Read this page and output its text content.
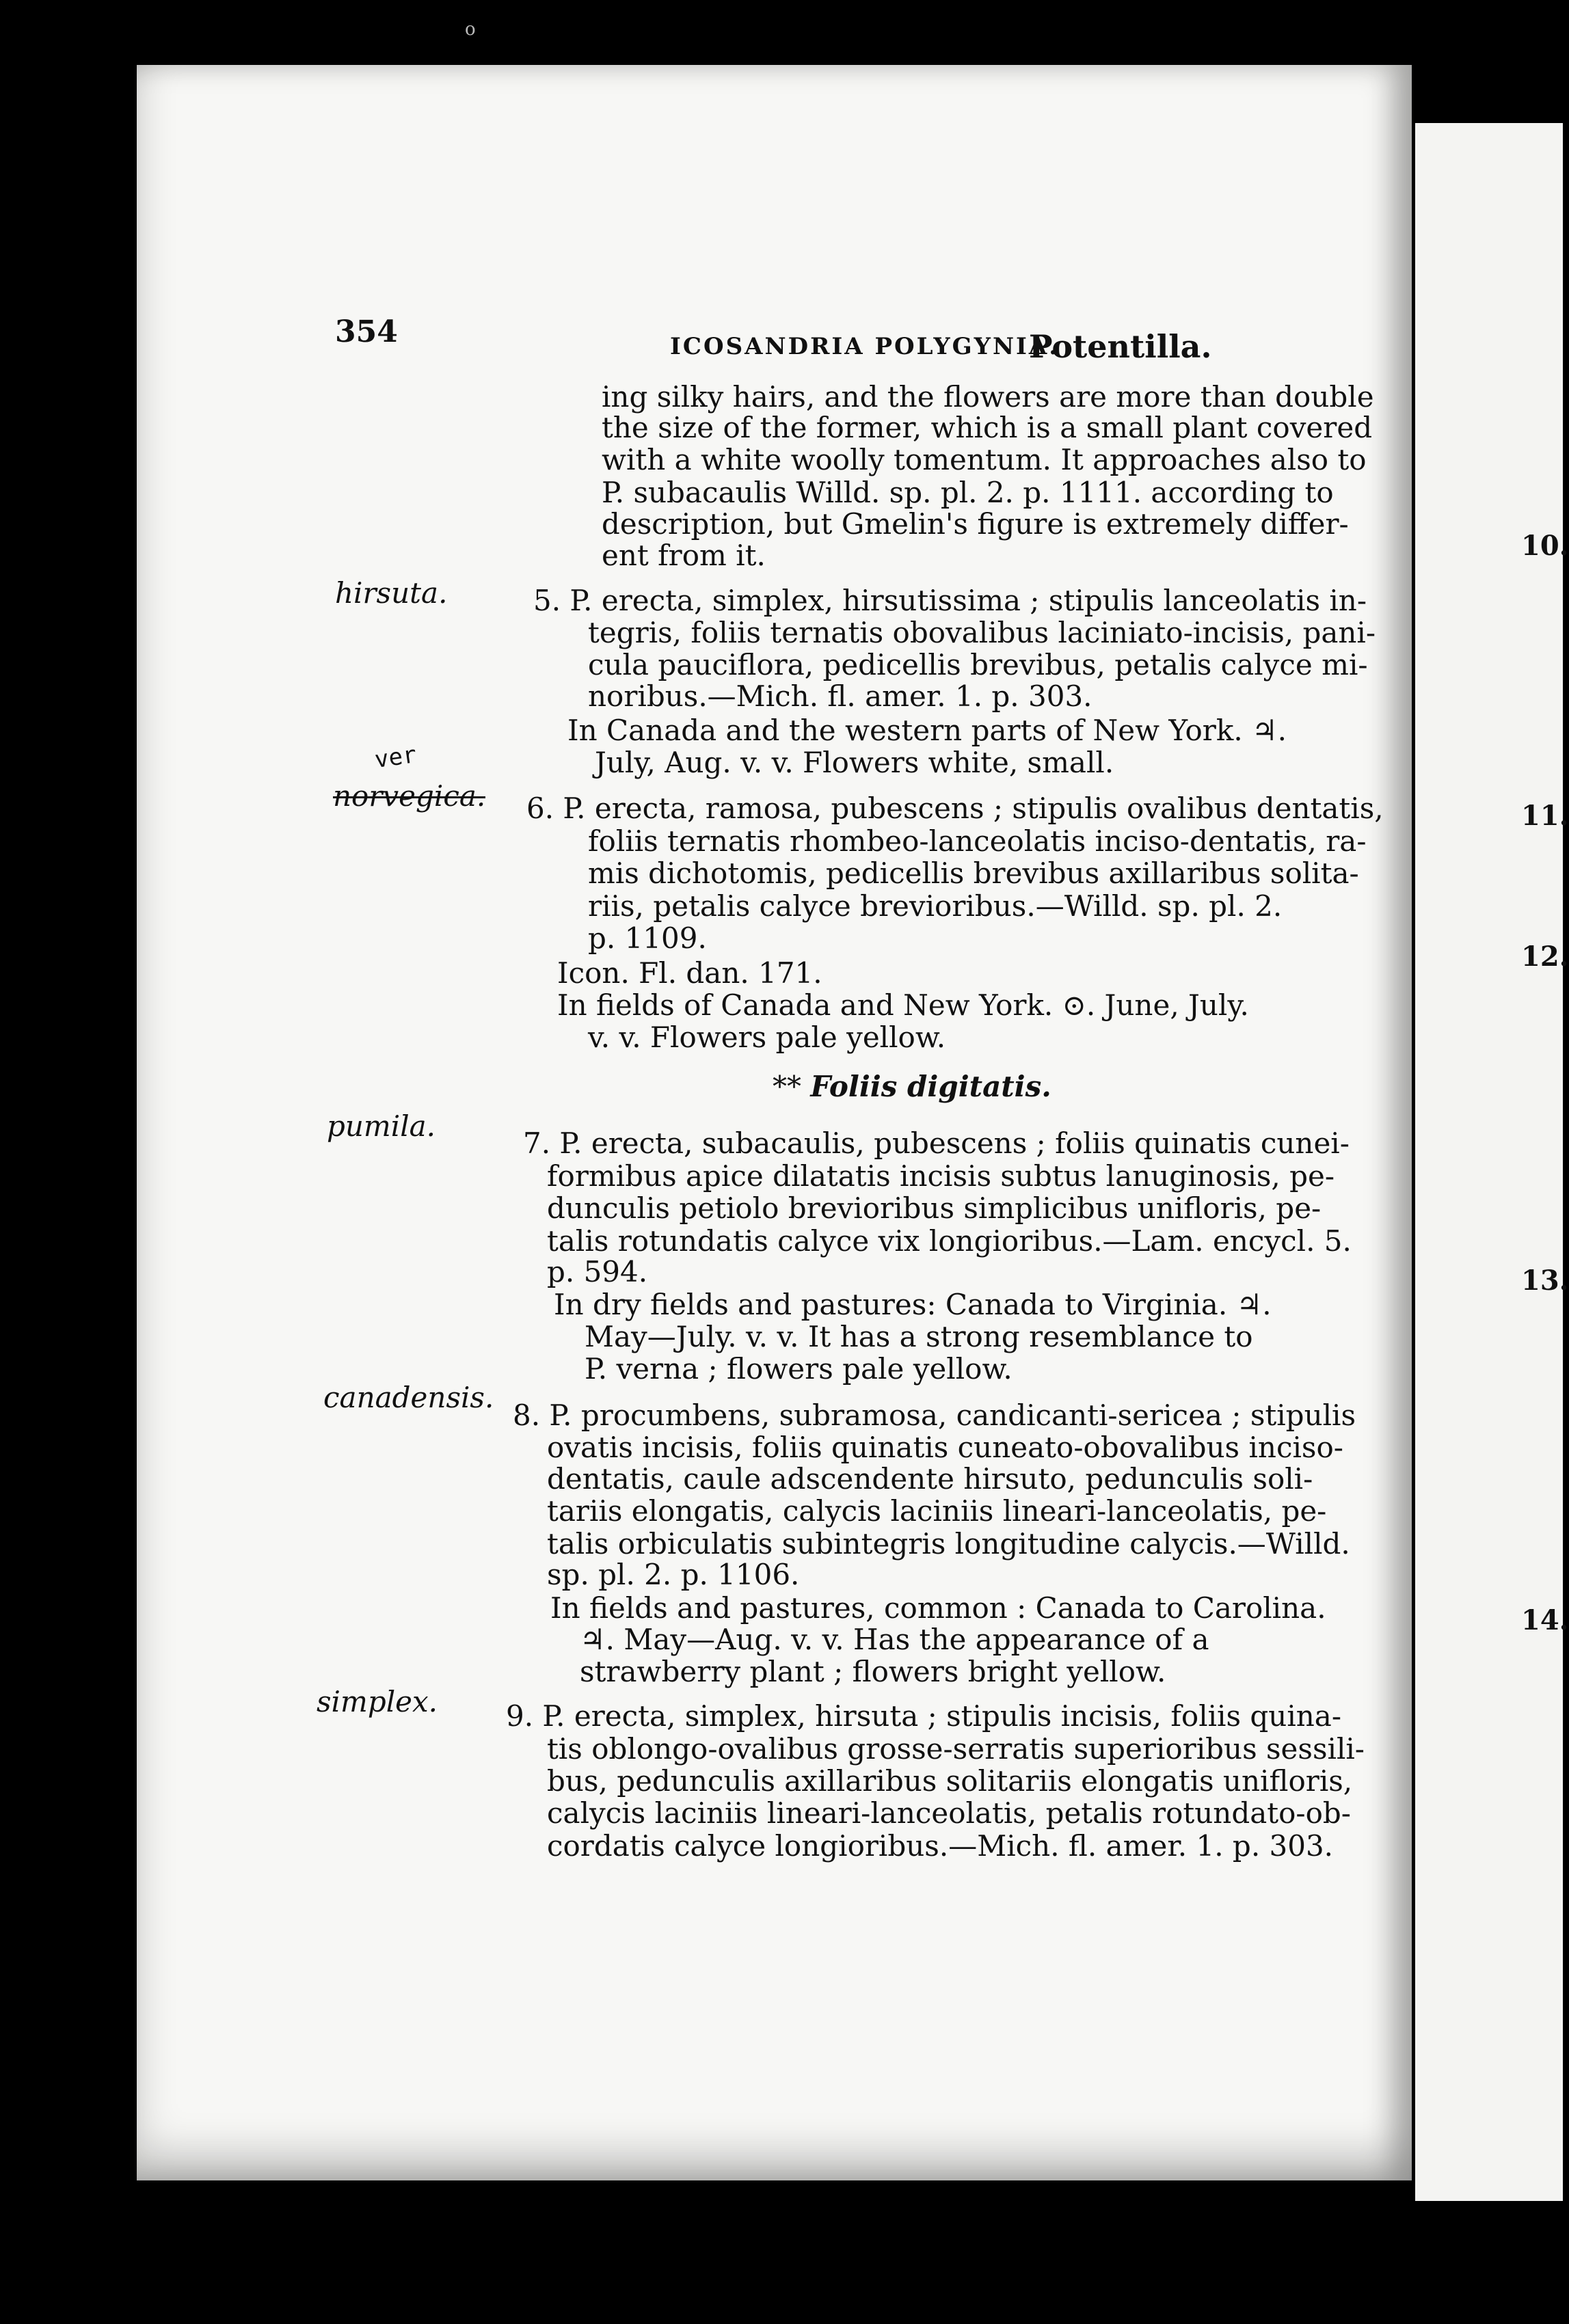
o
354	ICOSANDRIA POLYGYNIA.
Potentilla.
hirsuta.
norvegica.
ver
pumila.
canadensis.
simplex.
ing silky hairs, and the flowers are more than double
the size of the former, which is a small plant covered
with a white woolly tomentum. It approaches also to
P. subacaulis Willd. sp. pl. 2. p. 1111. according to
description, but Gmelin's figure is extremely differ-
ent from it.
5. P. erecta, simplex, hirsutissima ; stipulis lanceolatis in-
tegris, foliis ternatis obovalibus laciniato-incisis, pani-
cula pauciflora, pedicellis brevibus, petalis calyce mi-
noribus.—Mich. fl. amer. 1. p. 303.
In Canada and the western parts of New York. ♃.
July, Aug. v. v. Flowers white, small.
6. P. erecta, ramosa, pubescens ; stipulis ovalibus dentatis,
foliis ternatis rhombeo-lanceolatis inciso-dentatis, ra-
mis dichotomis, pedicellis brevibus axillaribus solita-
riis, petalis calyce brevioribus.—Willd. sp. pl. 2.
p. 1109.
Icon. Fl. dan. 171.
In fields of Canada and New York. ⊙. June, July.
v. v. Flowers pale yellow.
7. P. erecta, subacaulis, pubescens ; foliis quinatis cunei-
formibus apice dilatatis incisis subtus lanuginosis, pe-
dunculis petiolo brevioribus simplicibus unifloris, pe-
talis rotundatis calyce vix longioribus.—Lam. encycl. 5.
p. 594.
In dry fields and pastures: Canada to Virginia. ♃.
May—July. v. v. It has a strong resemblance to
P. verna ; flowers pale yellow.
8. P. procumbens, subramosa, candicanti-sericea ; stipulis
ovatis incisis, foliis quinatis cuneato-obovalibus inciso-
dentatis, caule adscendente hirsuto, pedunculis soli-
tariis elongatis, calycis laciniis lineari-lanceolatis, pe-
talis orbiculatis subintegris longitudine calycis.—Willd.
sp. pl. 2. p. 1106.
In fields and pastures, common : Canada to Carolina.
♃. May—Aug. v. v. Has the appearance of a
strawberry plant ; flowers bright yellow.
9. P. erecta, simplex, hirsuta ; stipulis incisis, foliis quina-
tis oblongo-ovalibus grosse-serratis superioribus sessili-
bus, pedunculis axillaribus solitariis elongatis unifloris,
calycis laciniis lineari-lanceolatis, petalis rotundato-ob-
cordatis calyce longioribus.—Mich. fl. amer. 1. p. 303.
** Foliis digitatis.
10.
11.
12.
13.
14.
